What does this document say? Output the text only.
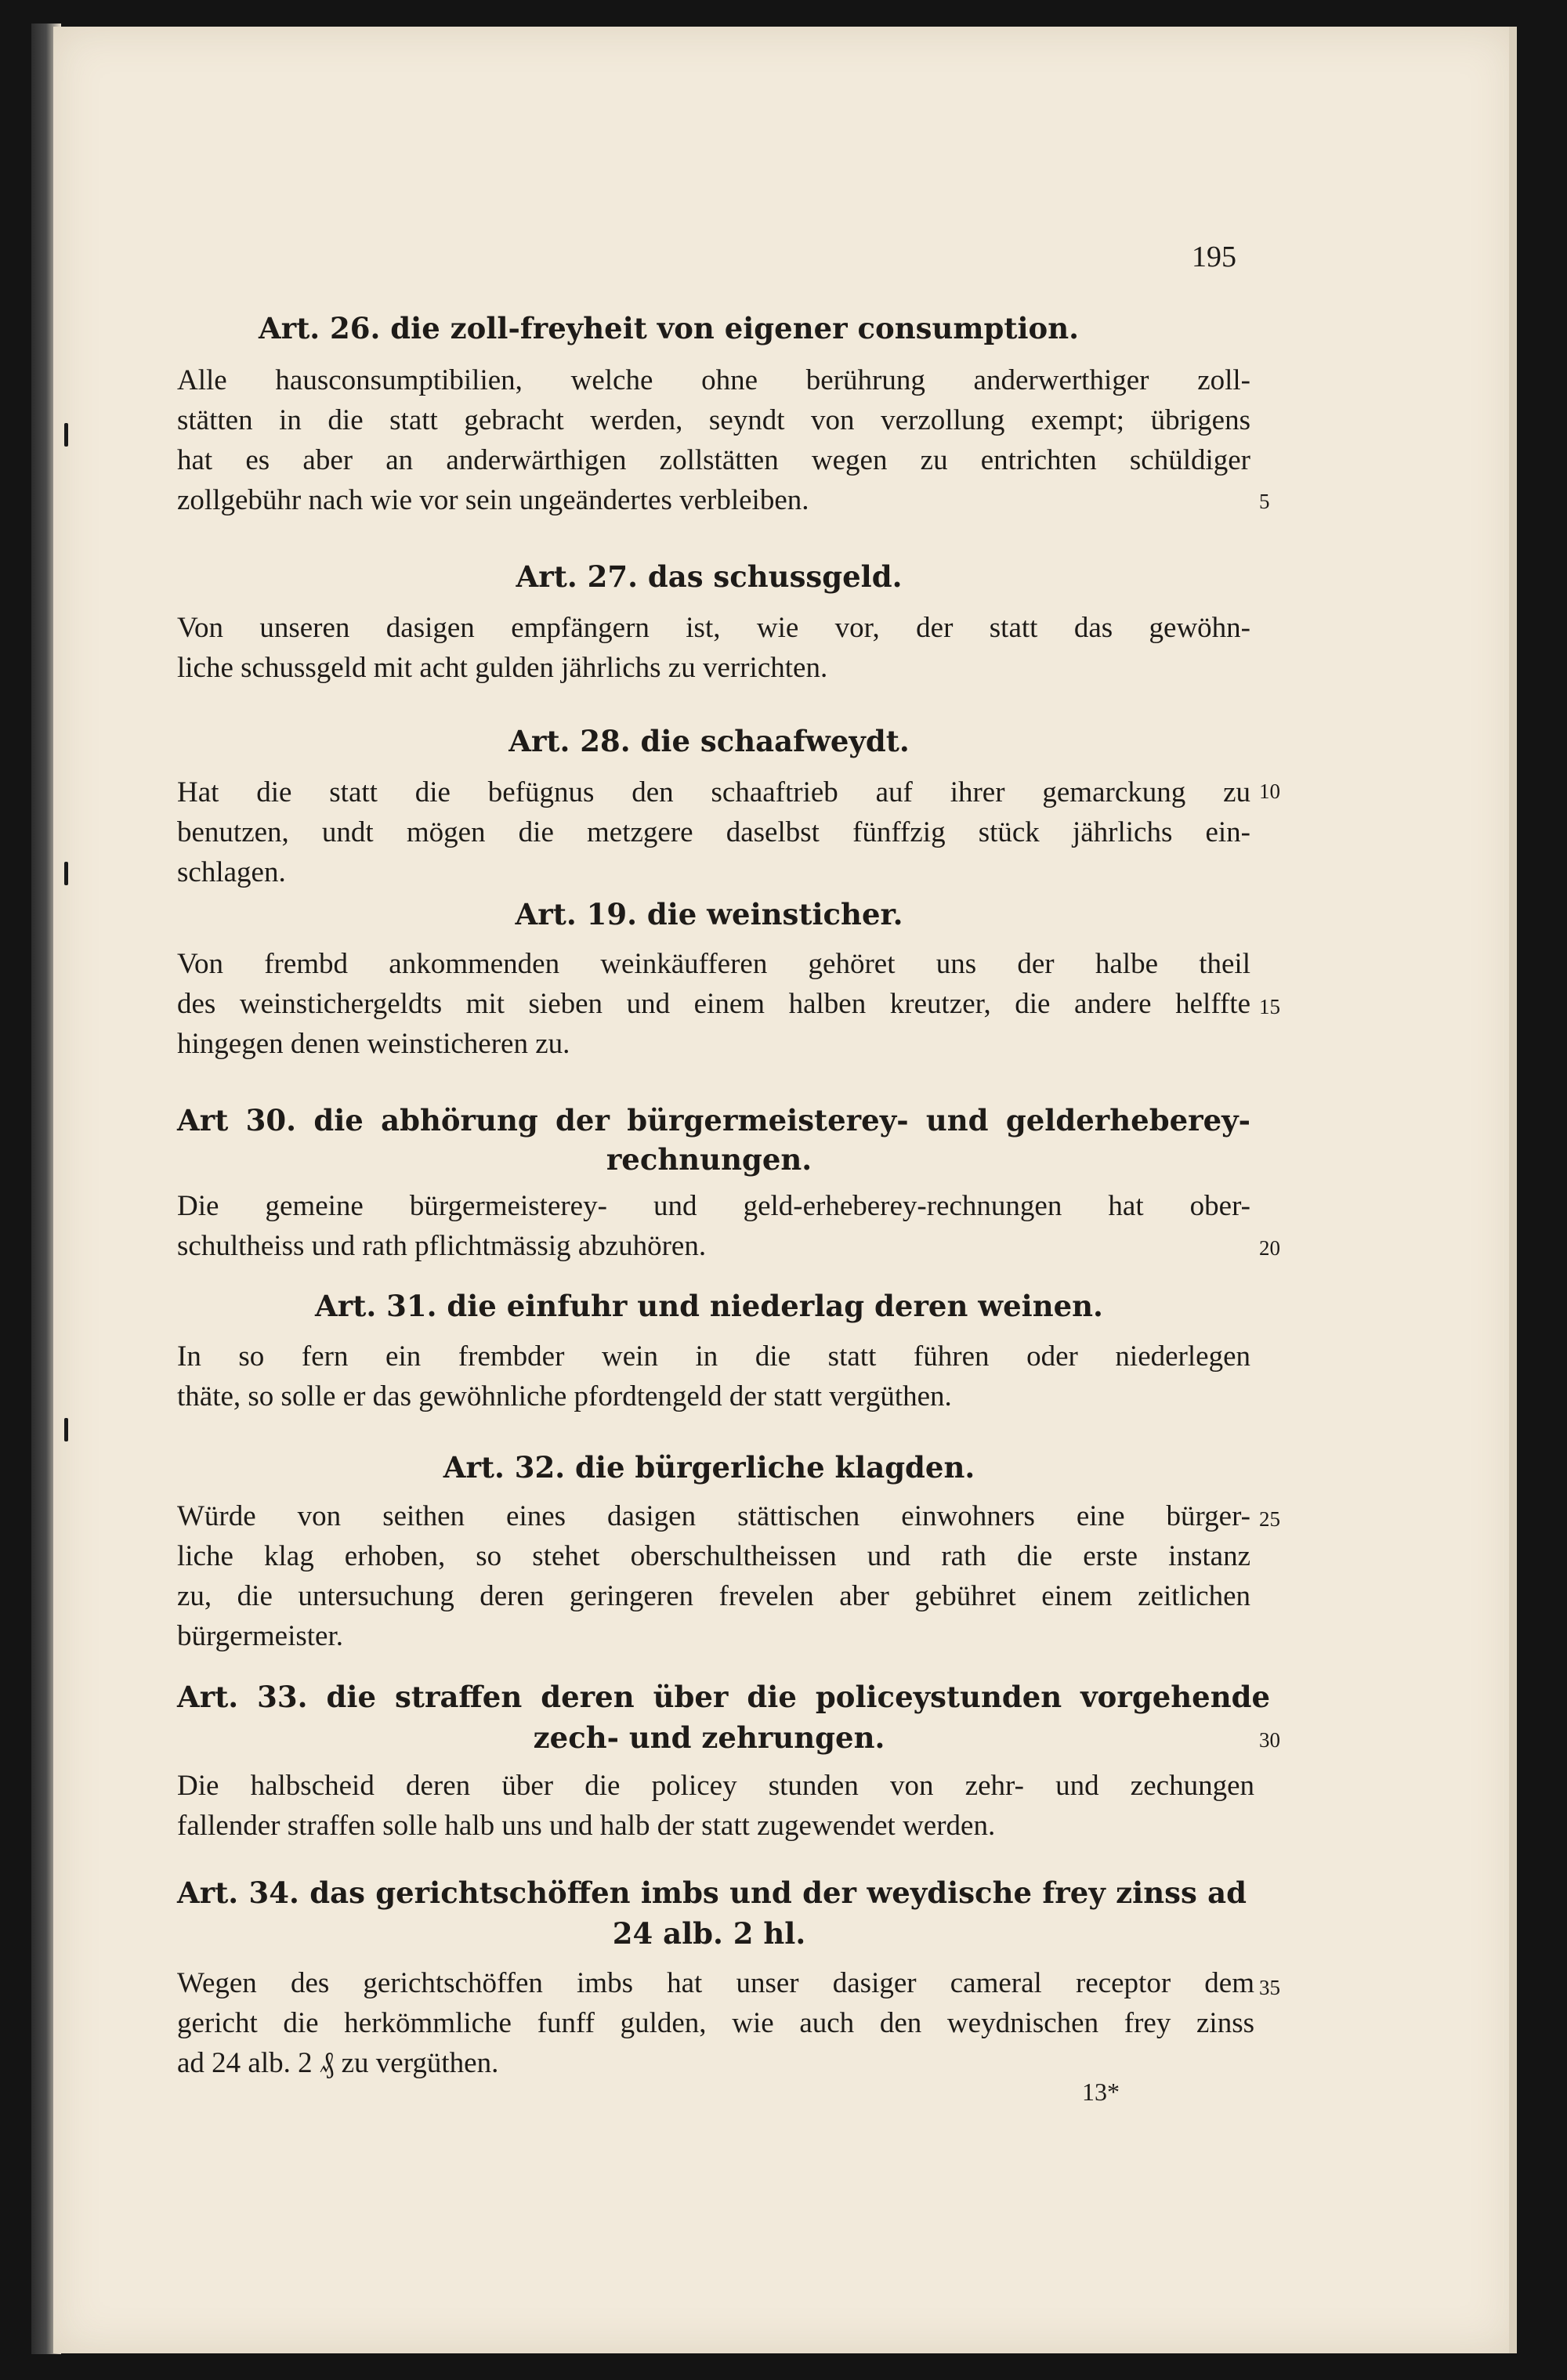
195
Art. 26. die zoll-freyheit von eigener consumption.
Alle hausconsumptibilien, welche ohne berührung anderwerthiger zoll-
stätten in die statt gebracht werden, seyndt von verzollung exempt; übrigens
hat es aber an anderwärthigen zollstätten wegen zu entrichten schüldiger
zollgebühr nach wie vor sein ungeändertes verbleiben.	5
Art. 27. das schussgeld.
Von unseren dasigen empfängern ist, wie vor, der statt das gewöhn-
liche schussgeld mit acht gulden jährlichs zu verrichten.
Art. 28. die schaafweydt.
Hat die statt die befügnus den schaaftrieb auf ihrer gemarckung zu
benutzen, undt mögen die metzgere daselbst fünffzig stück jährlichs ein-
schlagen.
10
Art. 19. die weinsticher.
Von frembd ankommenden weinkäufferen gehöret uns der halbe theil
des weinstichergeldts mit sieben und einem halben kreutzer, die andere helffte
hingegen denen weinsticheren zu.
15
Art 30. die abhörung der bürgermeisterey- und gelderheberey-
rechnungen.
Die gemeine bürgermeisterey- und geld-erheberey-rechnungen hat ober-
schultheiss und rath pflichtmässig abzuhören.	20
Art. 31. die einfuhr und niederlag deren weinen.
In so fern ein frembder wein in die statt führen oder niederlegen
thäte, so solle er das gewöhnliche pfordtengeld der statt vergüthen.
Art. 32. die bürgerliche klagden.
Würde von seithen eines dasigen stättischen einwohners eine bürger-
liche klag erhoben, so stehet oberschultheissen und rath die erste instanz
zu, die untersuchung deren geringeren frevelen aber gebühret einem zeitlichen
bürgermeister.
25
Art. 33. die straffen deren über die policeystunden vorgehende
zech- und zehrungen.	30
Die halbscheid deren über die policey stunden von zehr- und zechungen
fallender straffen solle halb uns und halb der statt zugewendet werden.
Art. 34. das gerichtschöffen imbs und der weydische frey zinss ad
24 alb. 2 hl.
Wegen des gerichtschöffen imbs hat unser dasiger cameral receptor dem
gericht die herkömmliche funff gulden, wie auch den weydnischen frey zinss
ad 24 alb. 2 ₰ zu vergüthen.
35
13*
